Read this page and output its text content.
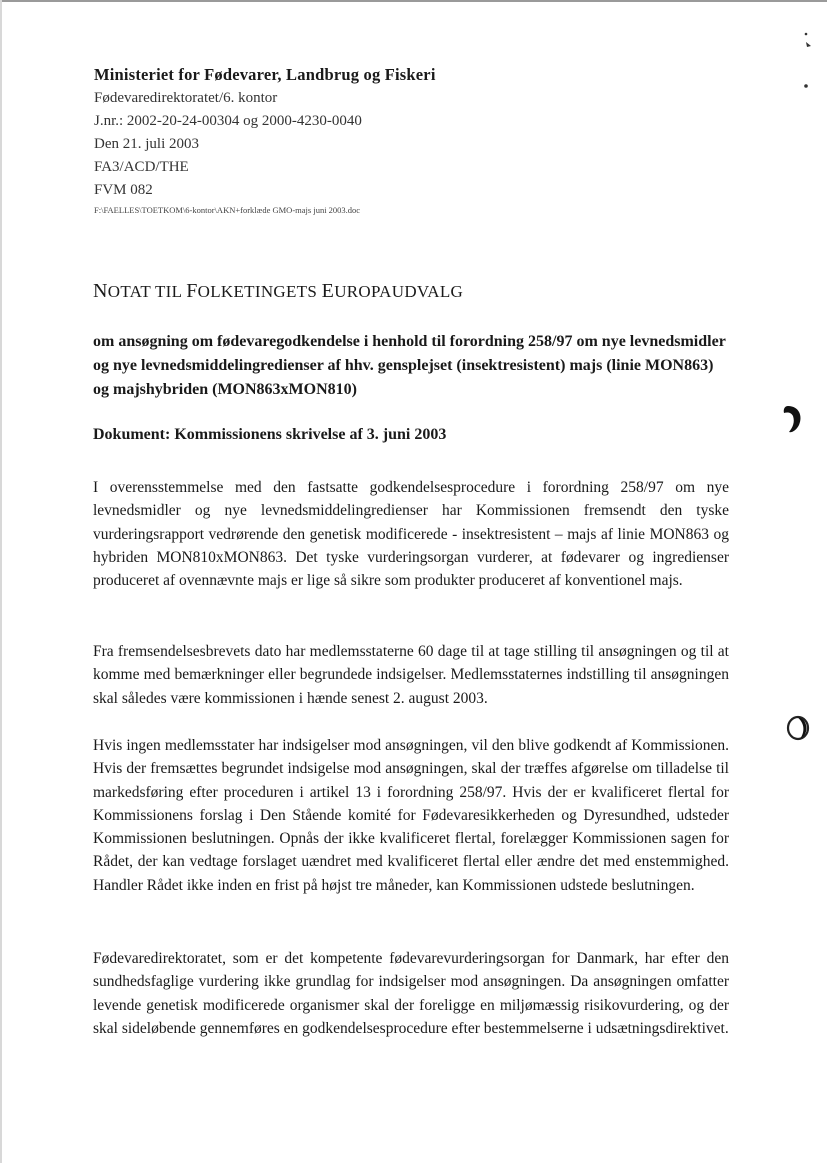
Ministeriet for Fødevarer, Landbrug og Fiskeri
Fødevaredirektoratet/6. kontor
J.nr.: 2002-20-24-00304 og 2000-4230-0040
Den 21. juli 2003
FA3/ACD/THE
FVM 082
F:\FAELLES\TOETKOM\6-kontor\AKN+forklæde GMO-majs juni 2003.doc
NOTAT TIL FOLKETINGETS EUROPAUDVALG
om ansøgning om fødevaregodkendelse i henhold til forordning 258/97 om nye levnedsmidler og nye levnedsmiddelingredienser af hhv. gensplejset (insektresistent) majs (linie MON863) og majshybriden (MON863xMON810)
Dokument: Kommissionens skrivelse af 3. juni 2003

I overensstemmelse med den fastsatte godkendelsesprocedure i forordning 258/97 om nye levnedsmidler og nye levnedsmiddelingredienser har Kommissionen fremsendt den tyske vurderingsrapport vedrørende den genetisk modificerede - insektresistent – majs af linie MON863 og hybriden MON810xMON863. Det tyske vurderingsorgan vurderer, at fødevarer og ingredienser produceret af ovennævnte majs er lige så sikre som produkter produceret af konventionel majs.

Fra fremsendelsesbrevets dato har medlemsstaterne 60 dage til at tage stilling til ansøgningen og til at komme med bemærkninger eller begrundede indsigelser. Medlemsstaternes indstilling til ansøgningen skal således være kommissionen i hænde senest 2. august 2003.

Hvis ingen medlemsstater har indsigelser mod ansøgningen, vil den blive godkendt af Kommissionen. Hvis der fremsættes begrundet indsigelse mod ansøgningen, skal der træffes afgørelse om tilladelse til markedsføring efter proceduren i artikel 13 i forordning 258/97. Hvis der er kvalificeret flertal for Kommissionens forslag i Den Stående komité for Fødevaresikkerheden og Dyresundhed, udsteder Kommissionen beslutningen. Opnås der ikke kvalificeret flertal, forelægger Kommissionen sagen for Rådet, der kan vedtage forslaget uændret med kvalificeret flertal eller ændre det med enstemmighed. Handler Rådet ikke inden en frist på højst tre måneder, kan Kommissionen udstede beslutningen.

Fødevaredirektoratet, som er det kompetente fødevarevurderingsorgan for Danmark, har efter den sundhedsfaglige vurdering ikke grundlag for indsigelser mod ansøgningen. Da ansøgningen omfatter levende genetisk modificerede organismer skal der foreligge en miljømæssig risikovurdering, og der skal sideløbende gennemføres en godkendelsesprocedure efter bestemmelserne i udsætningsdirektivet.
